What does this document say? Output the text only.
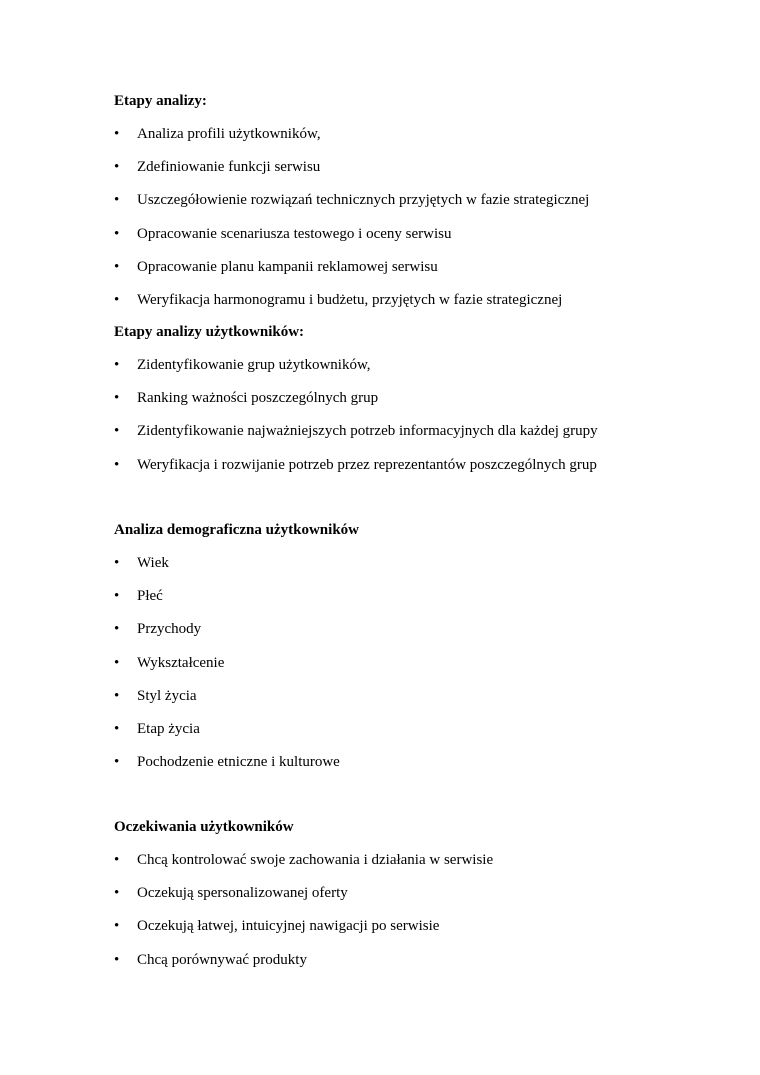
Etapy analizy:
•	Analiza profili użytkowników,
•	Zdefiniowanie funkcji serwisu
•	Uszczegółowienie rozwiązań technicznych przyjętych w fazie strategicznej
•	Opracowanie scenariusza testowego i oceny serwisu
•	Opracowanie planu kampanii reklamowej serwisu
•	Weryfikacja harmonogramu i budżetu, przyjętych w fazie strategicznej
Etapy analizy użytkowników:
•	Zidentyfikowanie grup użytkowników,
•	Ranking ważności poszczególnych grup
•	Zidentyfikowanie najważniejszych potrzeb informacyjnych dla każdej grupy
•	Weryfikacja i rozwijanie potrzeb przez reprezentantów poszczególnych grup
Analiza demograficzna użytkowników
•	Wiek
•	Płeć
•	Przychody
•	Wykształcenie
•	Styl życia
•	Etap życia
•	Pochodzenie etniczne i kulturowe
Oczekiwania użytkowników
•	Chcą kontrolować swoje zachowania i działania w serwisie
•	Oczekują spersonalizowanej oferty
•	Oczekują łatwej, intuicyjnej nawigacji po serwisie
•	Chcą porównywać produkty
